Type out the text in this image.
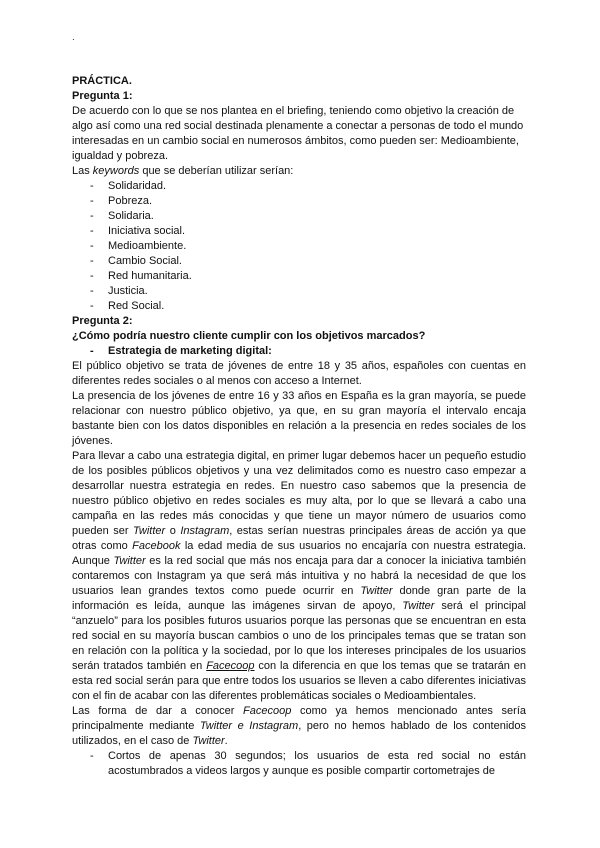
.

PRÁCTICA.

Pregunta 1:

De acuerdo con lo que se nos plantea en el briefing, teniendo como objetivo la creación de algo así como una red social destinada plenamente a conectar a personas de todo el mundo interesadas en un cambio social en numerosos ámbitos, como pueden ser: Medioambiente, igualdad y pobreza.

Las keywords que se deberían utilizar serían:

- Solidaridad.
- Pobreza.
- Solidaria.
- Iniciativa social.
- Medioambiente.
- Cambio Social.
- Red humanitaria.
- Justicia.
- Red Social.

Pregunta 2:

¿Cómo podría nuestro cliente cumplir con los objetivos marcados?

- Estrategia de marketing digital:

El público objetivo se trata de jóvenes de entre 18 y 35 años, españoles con cuentas en diferentes redes sociales o al menos con acceso a Internet.

La presencia de los jóvenes de entre 16 y 33 años en España es la gran mayoría, se puede relacionar con nuestro público objetivo, ya que, en su gran mayoría el intervalo encaja bastante bien con los datos disponibles en relación a la presencia en redes sociales de los jóvenes.

Para llevar a cabo una estrategia digital, en primer lugar debemos hacer un pequeño estudio de los posibles públicos objetivos y una vez delimitados como es nuestro caso empezar a desarrollar nuestra estrategia en redes. En nuestro caso sabemos que la presencia de nuestro público objetivo en redes sociales es muy alta, por lo que se llevará a cabo una campaña en las redes más conocidas y que tiene un mayor número de usuarios como pueden ser Twitter o Instagram, estas serían nuestras principales áreas de acción ya que otras como Facebook la edad media de sus usuarios no encajaría con nuestra estrategia. Aunque Twitter es la red social que más nos encaja para dar a conocer la iniciativa también contaremos con Instagram ya que será más intuitiva y no habrá la necesidad de que los usuarios lean grandes textos como puede ocurrir en Twitter donde gran parte de la información es leída, aunque las imágenes sirvan de apoyo, Twitter será el principal “anzuelo” para los posibles futuros usuarios porque las personas que se encuentran en esta red social en su mayoría buscan cambios o uno de los principales temas que se tratan son en relación con la política y la sociedad, por lo que los intereses principales de los usuarios serán tratados también en Facecoop con la diferencia en que los temas que se tratarán en esta red social serán para que entre todos los usuarios se lleven a cabo diferentes iniciativas con el fin de acabar con las diferentes problemáticas sociales o Medioambientales.

Las forma de dar a conocer Facecoop como ya hemos mencionado antes sería principalmente mediante Twitter e Instagram, pero no hemos hablado de los contenidos utilizados, en el caso de Twitter.

- Cortos de apenas 30 segundos; los usuarios de esta red social no están acostumbrados a videos largos y aunque es posible compartir cortometrajes de
